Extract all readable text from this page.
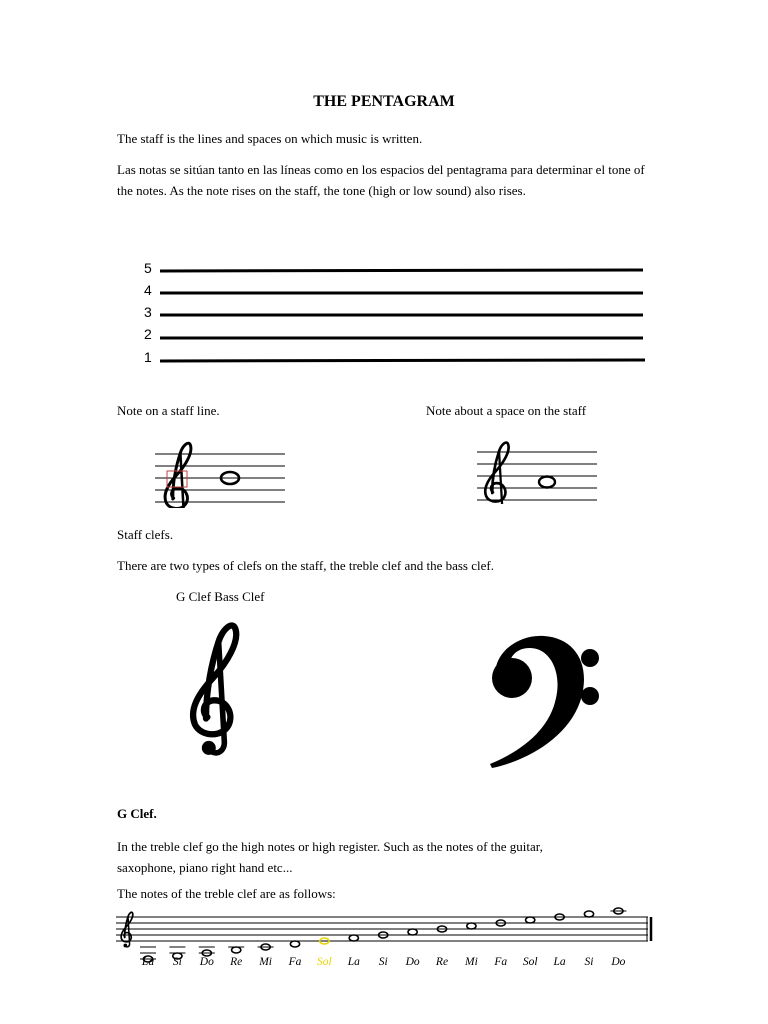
THE PENTAGRAM
The staff is the lines and spaces on which music is written.
Las notas se sitúan tanto en las líneas como en los espacios del pentagrama para determinar el tone of the notes. As the note rises on the staff, the tone (high or low sound) also rises.
5
4
3
2
1
Note on a staff line.	Note about a space on the staff
Staff clefs.
There are two types of clefs on the staff, the treble clef and the bass clef.
G Clef Bass Clef
G Clef.
In the treble clef go the high notes or high register. Such as the notes of the guitar, saxophone, piano right hand etc...
The notes of the treble clef are as follows:
La Si Do Re Mi Fa Sol La Si Do Re Mi Fa Sol La Si Do
